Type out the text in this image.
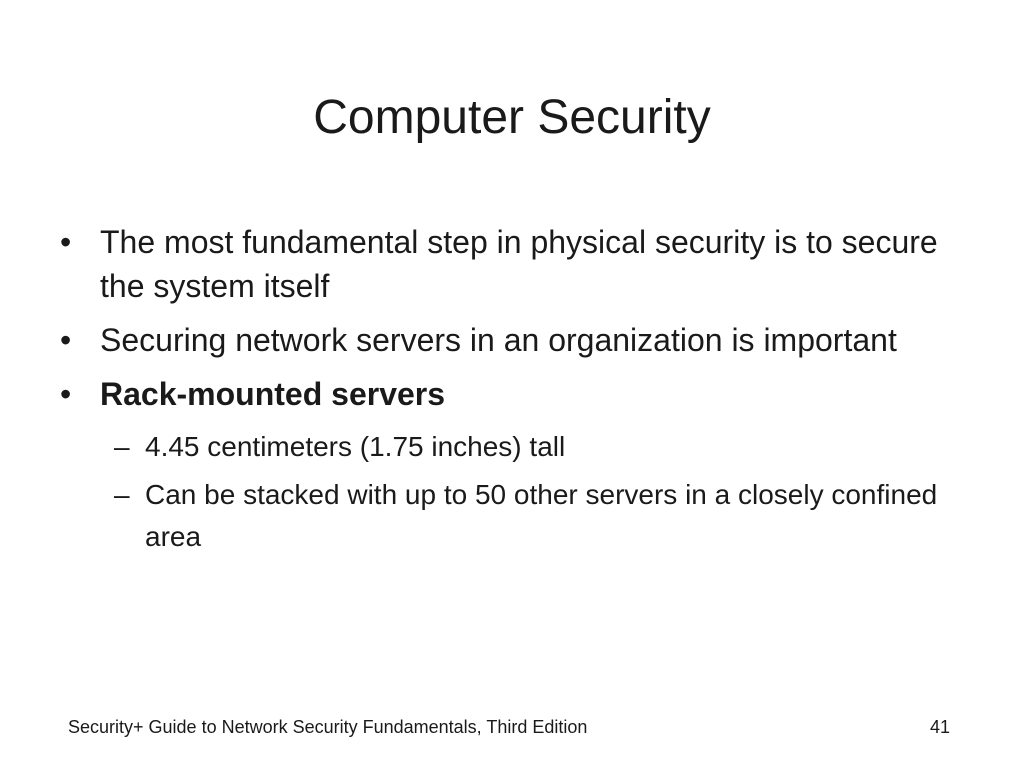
Computer Security
• The most fundamental step in physical security is to secure the system itself
• Securing network servers in an organization is important
• Rack-mounted servers
– 4.45 centimeters (1.75 inches) tall
– Can be stacked with up to 50 other servers in a closely confined area
Security+ Guide to Network Security Fundamentals, Third Edition	41
